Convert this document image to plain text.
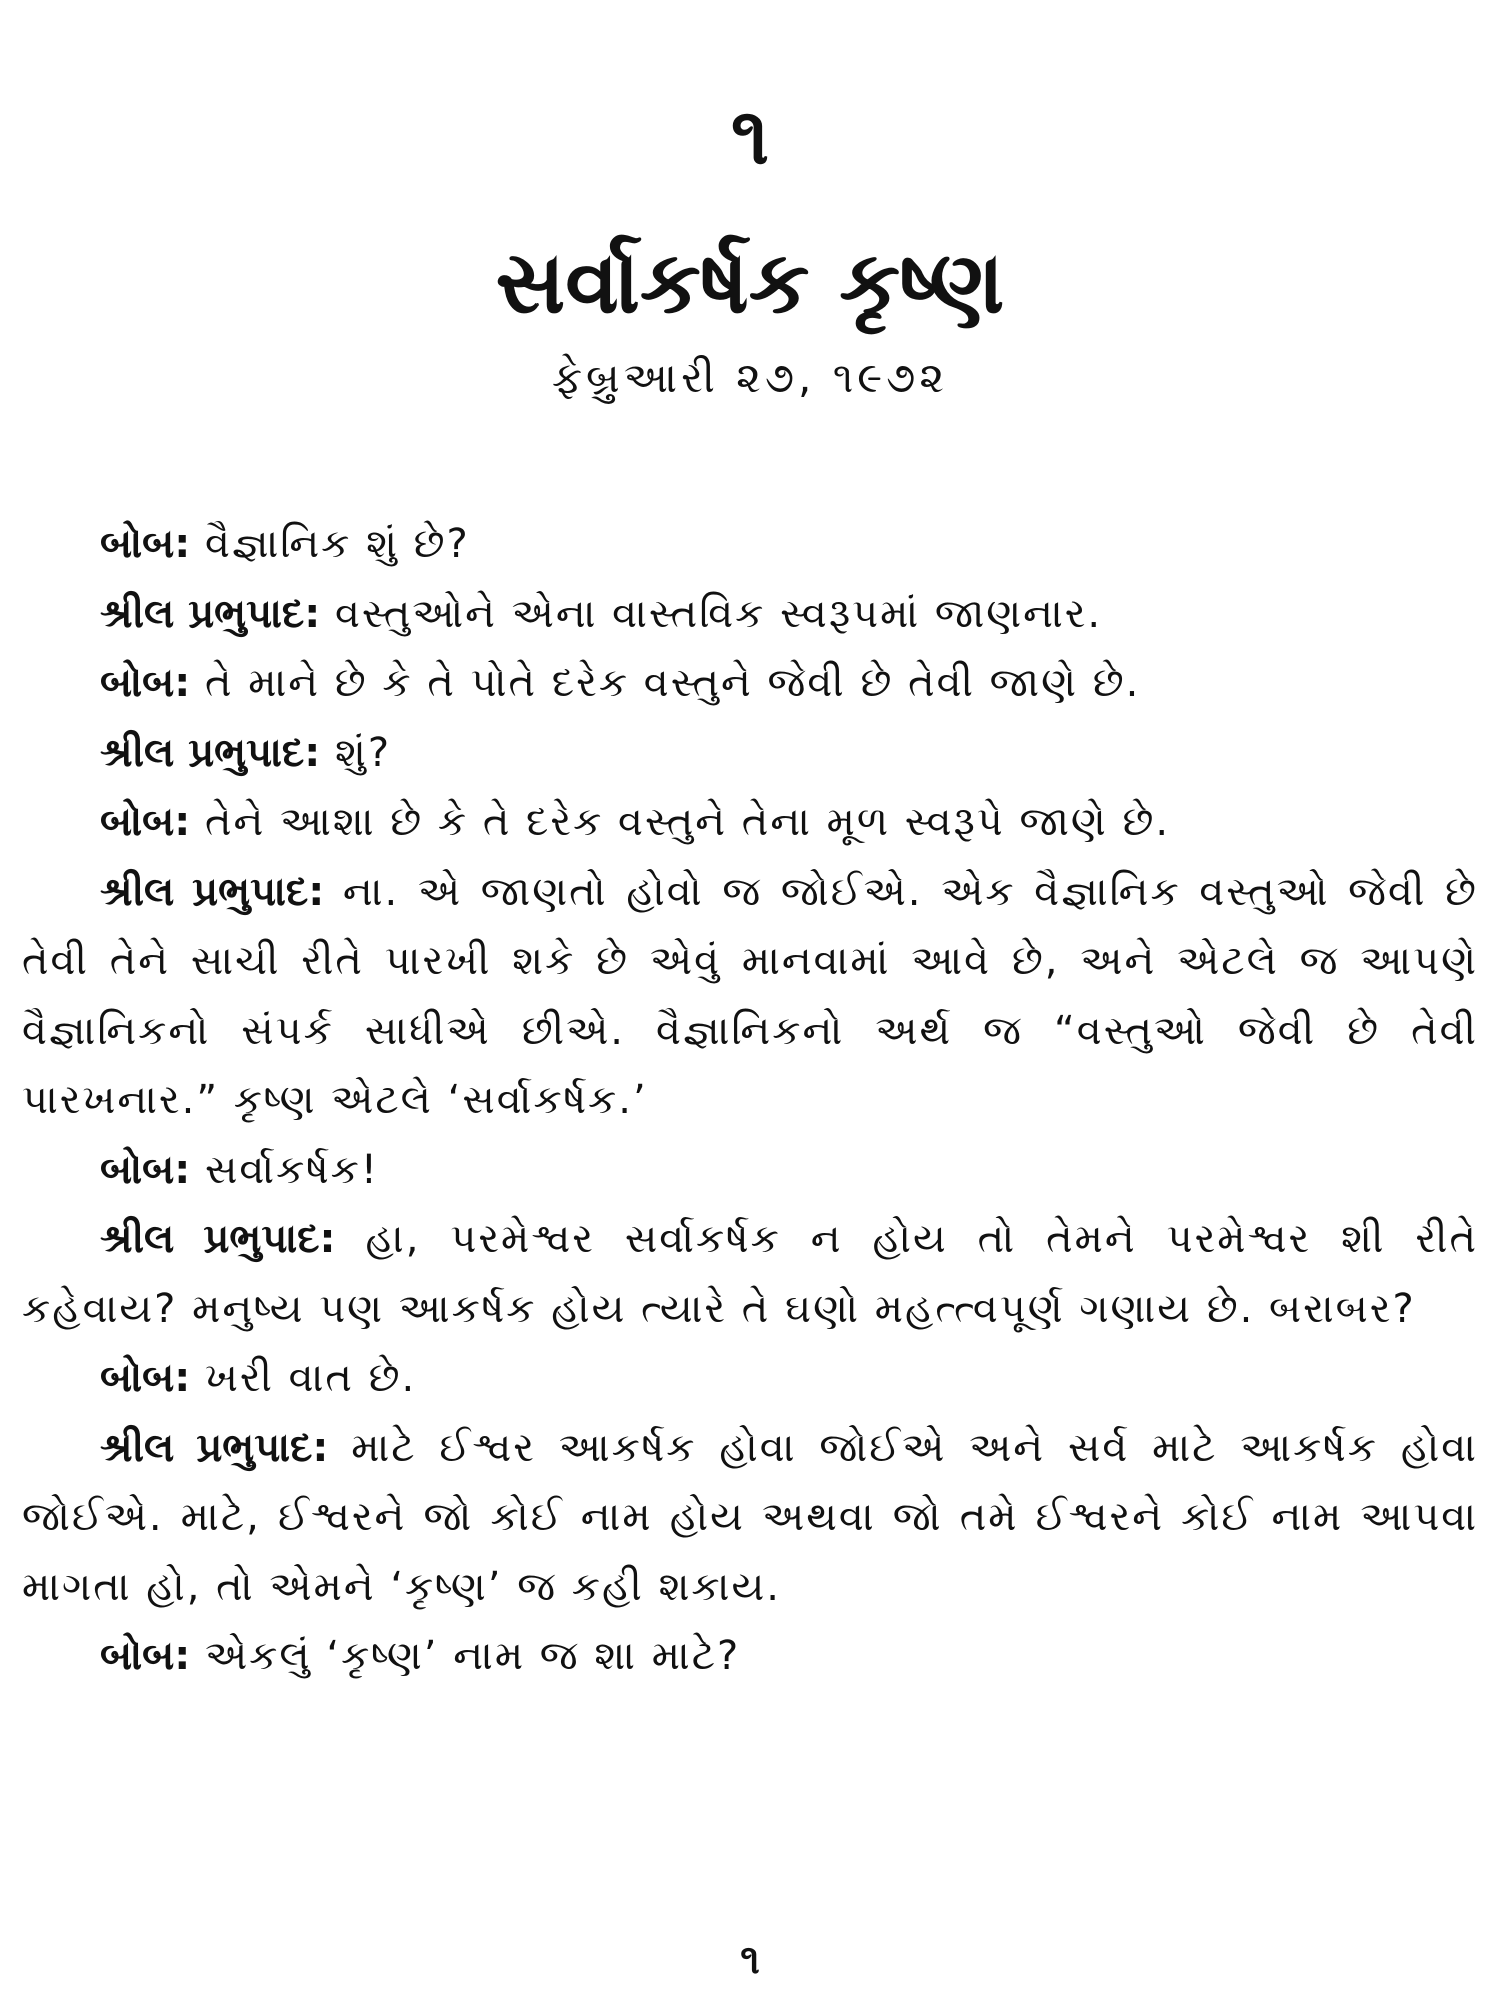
૧
સર્વાકર્ષક કૃષ્ણ
ફેબ્રુઆરી ૨૭, ૧૯૭૨

બોબ: વૈજ્ઞાનિક શું છે?

શ્રીલ પ્રભુપાદ: વસ્તુઓને એના વાસ્તવિક સ્વરૂપમાં જાણનાર.

બોબ: તે માને છે કે તે પોતે દરેક વસ્તુને જેવી છે તેવી જાણે છે.

શ્રીલ પ્રભુપાદ: શું?

બોબ: તેને આશા છે કે તે દરેક વસ્તુને તેના મૂળ સ્વરૂપે જાણે છે.

શ્રીલ પ્રભુપાદ: ના. એ જાણતો હોવો જ જોઈએ. એક વૈજ્ઞાનિક વસ્તુઓ જેવી છે તેવી તેને સાચી રીતે પારખી શકે છે એવું માનવામાં આવે છે, અને એટલે જ આપણે વૈજ્ઞાનિકનો સંપર્ક સાધીએ છીએ. વૈજ્ઞાનિકનો અર્થ જ “વસ્તુઓ જેવી છે તેવી પારખનાર.” કૃષ્ણ એટલે ‘સર્વાકર્ષક.’

બોબ: સર્વાકર્ષક!

શ્રીલ પ્રભુપાદ: હા, પરમેશ્વર સર્વાકર્ષક ન હોય તો તેમને પરમેશ્વર શી રીતે કહેવાય? મનુષ્ય પણ આકર્ષક હોય ત્યારે તે ઘણો મહત્ત્વપૂર્ણ ગણાય છે. બરાબર?

બોબ: ખરી વાત છે.

શ્રીલ પ્રભુપાદ: માટે ઈશ્વર આકર્ષક હોવા જોઈએ અને સર્વ માટે આકર્ષક હોવા જોઈએ. માટે, ઈશ્વરને જો કોઈ નામ હોય અથવા જો તમે ઈશ્વરને કોઈ નામ આપવા માગતા હો, તો એમને ‘કૃષ્ણ’ જ કહી શકાય.

બોબ: એકલું ‘કૃષ્ણ’ નામ જ શા માટે?

૧
